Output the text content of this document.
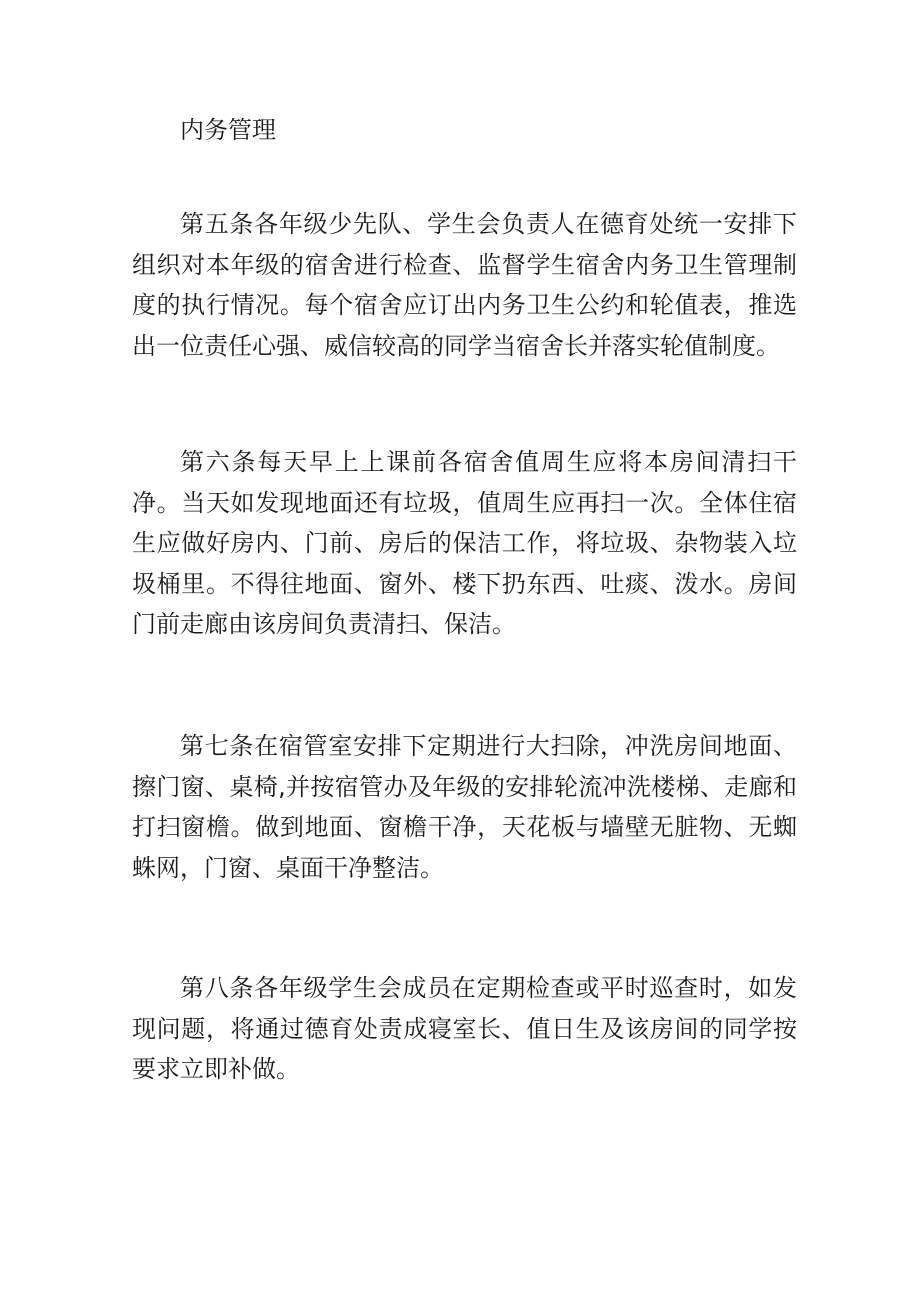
内务管理

第五条各年级少先队、学生会负责人在德育处统一安排下组织对本年级的宿舍进行检查、监督学生宿舍内务卫生管理制度的执行情况。每个宿舍应订出内务卫生公约和轮值表，推选出一位责任心强、威信较高的同学当宿舍长并落实轮值制度。

第六条每天早上上课前各宿舍值周生应将本房间清扫干净。当天如发现地面还有垃圾，值周生应再扫一次。全体住宿生应做好房内、门前、房后的保洁工作，将垃圾、杂物装入垃圾桶里。不得往地面、窗外、楼下扔东西、吐痰、泼水。房间门前走廊由该房间负责清扫、保洁。

第七条在宿管室安排下定期进行大扫除，冲洗房间地面、擦门窗、桌椅,并按宿管办及年级的安排轮流冲洗楼梯、走廊和打扫窗檐。做到地面、窗檐干净，天花板与墙壁无脏物、无蜘蛛网，门窗、桌面干净整洁。

第八条各年级学生会成员在定期检查或平时巡查时，如发现问题，将通过德育处责成寝室长、值日生及该房间的同学按要求立即补做。
